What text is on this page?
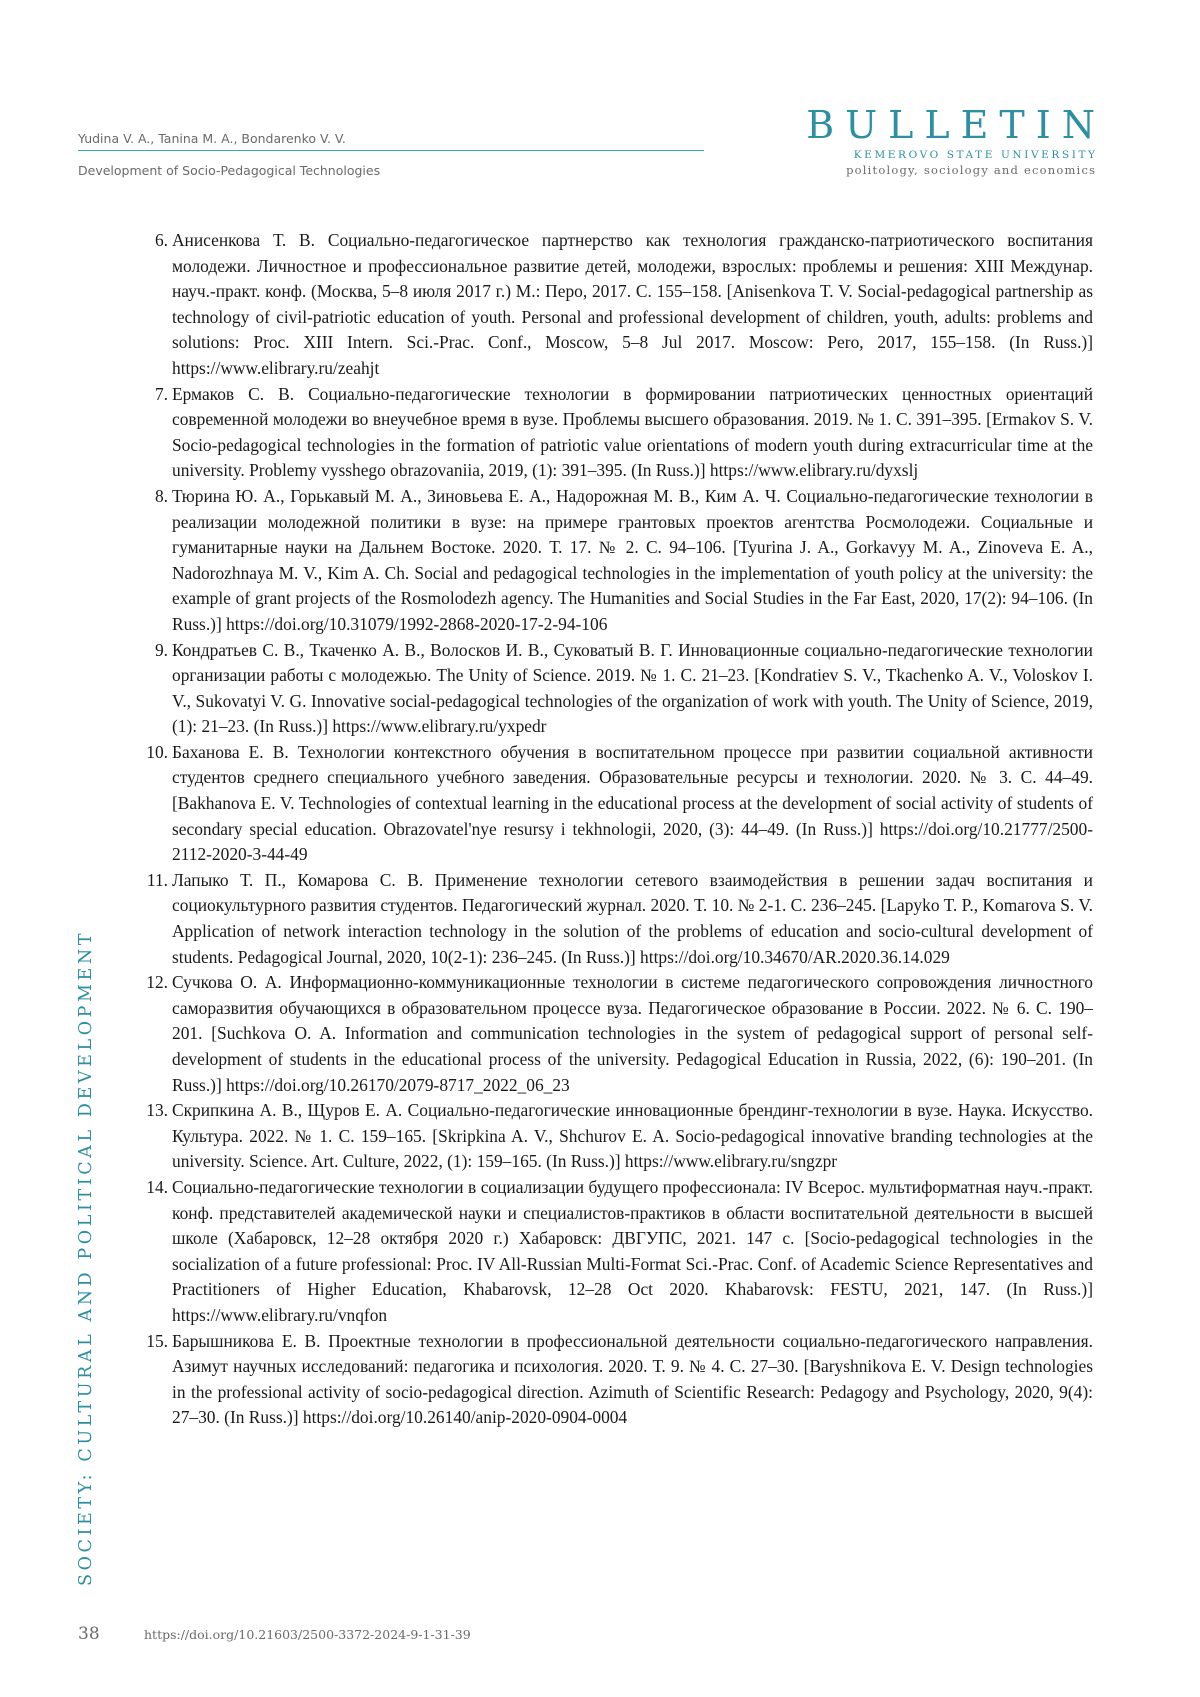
Yudina V. A., Tanina M. A., Bondarenko V. V.
Development of Socio-Pedagogical Technologies
BULLETIN
KEMEROVO STATE UNIVERSITY
politology, sociology and economics
6. Анисенкова Т. В. Социально-педагогическое партнерство как технология гражданско-патриотического воспитания молодежи. Личностное и профессиональное развитие детей, молодежи, взрослых: проблемы и решения: XIII Междунар. науч.-практ. конф. (Москва, 5–8 июля 2017 г.) М.: Перо, 2017. С. 155–158. [Anisenkova T. V. Social-pedagogical partnership as technology of civil-patriotic education of youth. Personal and professional development of children, youth, adults: problems and solutions: Proc. XIII Intern. Sci.-Prac. Conf., Moscow, 5–8 Jul 2017. Moscow: Pero, 2017, 155–158. (In Russ.)] https://www.elibrary.ru/zeahjt
7. Ермаков С. В. Социально-педагогические технологии в формировании патриотических ценностных ориентаций современной молодежи во внеучебное время в вузе. Проблемы высшего образования. 2019. № 1. С. 391–395. [Ermakov S. V. Socio-pedagogical technologies in the formation of patriotic value orientations of modern youth during extracurricular time at the university. Problemy vysshego obrazovaniia, 2019, (1): 391–395. (In Russ.)] https://www.elibrary.ru/dyxslj
8. Тюрина Ю. А., Горькавый М. А., Зиновьева Е. А., Надорожная М. В., Ким А. Ч. Социально-педагогические технологии в реализации молодежной политики в вузе: на примере грантовых проектов агентства Росмолодежи. Социальные и гуманитарные науки на Дальнем Востоке. 2020. Т. 17. № 2. С. 94–106. [Tyurina J. A., Gorkavyy M. A., Zinoveva E. A., Nadorozhnaya M. V., Kim A. Ch. Social and pedagogical technologies in the implementation of youth policy at the university: the example of grant projects of the Rosmolodezh agency. The Humanities and Social Studies in the Far East, 2020, 17(2): 94–106. (In Russ.)] https://doi.org/10.31079/1992-2868-2020-17-2-94-106
9. Кондратьев С. В., Ткаченко А. В., Волосков И. В., Суковатый В. Г. Инновационные социально-педагогические технологии организации работы с молодежью. The Unity of Science. 2019. № 1. С. 21–23. [Kondratiev S. V., Tkachenko A. V., Voloskov I. V., Sukovatyi V. G. Innovative social-pedagogical technologies of the organization of work with youth. The Unity of Science, 2019, (1): 21–23. (In Russ.)] https://www.elibrary.ru/yxpedr
10. Баханова Е. В. Технологии контекстного обучения в воспитательном процессе при развитии социальной активности студентов среднего специального учебного заведения. Образовательные ресурсы и технологии. 2020. № 3. С. 44–49. [Bakhanova E. V. Technologies of contextual learning in the educational process at the development of social activity of students of secondary special education. Obrazovatel'nye resursy i tekhnologii, 2020, (3): 44–49. (In Russ.)] https://doi.org/10.21777/2500-2112-2020-3-44-49
11. Лапыко Т. П., Комарова С. В. Применение технологии сетевого взаимодействия в решении задач воспитания и социокультурного развития студентов. Педагогический журнал. 2020. Т. 10. № 2-1. С. 236–245. [Lapyko T. P., Komarova S. V. Application of network interaction technology in the solution of the problems of education and socio-cultural development of students. Pedagogical Journal, 2020, 10(2-1): 236–245. (In Russ.)] https://doi.org/10.34670/AR.2020.36.14.029
12. Сучкова О. А. Информационно-коммуникационные технологии в системе педагогического сопровождения личностного саморазвития обучающихся в образовательном процессе вуза. Педагогическое образование в России. 2022. № 6. С. 190–201. [Suchkova O. A. Information and communication technologies in the system of pedagogical support of personal self-development of students in the educational process of the university. Pedagogical Education in Russia, 2022, (6): 190–201. (In Russ.)] https://doi.org/10.26170/2079-8717_2022_06_23
13. Скрипкина А. В., Щуров Е. А. Социально-педагогические инновационные брендинг-технологии в вузе. Наука. Искусство. Культура. 2022. № 1. С. 159–165. [Skripkina A. V., Shchurov E. A. Socio-pedagogical innovative branding technologies at the university. Science. Art. Culture, 2022, (1): 159–165. (In Russ.)] https://www.elibrary.ru/sngzpr
14. Социально-педагогические технологии в социализации будущего профессионала: IV Всерос. мультиформатная науч.-практ. конф. представителей академической науки и специалистов-практиков в области воспитательной деятельности в высшей школе (Хабаровск, 12–28 октября 2020 г.) Хабаровск: ДВГУПС, 2021. 147 с. [Socio-pedagogical technologies in the socialization of a future professional: Proc. IV All-Russian Multi-Format Sci.-Prac. Conf. of Academic Science Representatives and Practitioners of Higher Education, Khabarovsk, 12–28 Oct 2020. Khabarovsk: FESTU, 2021, 147. (In Russ.)] https://www.elibrary.ru/vnqfon
15. Барышникова Е. В. Проектные технологии в профессиональной деятельности социально-педагогического направления. Азимут научных исследований: педагогика и психология. 2020. Т. 9. № 4. С. 27–30. [Baryshnikova E. V. Design technologies in the professional activity of socio-pedagogical direction. Azimuth of Scientific Research: Pedagogy and Psychology, 2020, 9(4): 27–30. (In Russ.)] https://doi.org/10.26140/anip-2020-0904-0004
SOCIETY: CULTURAL AND POLITICAL DEVELOPMENT
38	https://doi.org/10.21603/2500-3372-2024-9-1-31-39
